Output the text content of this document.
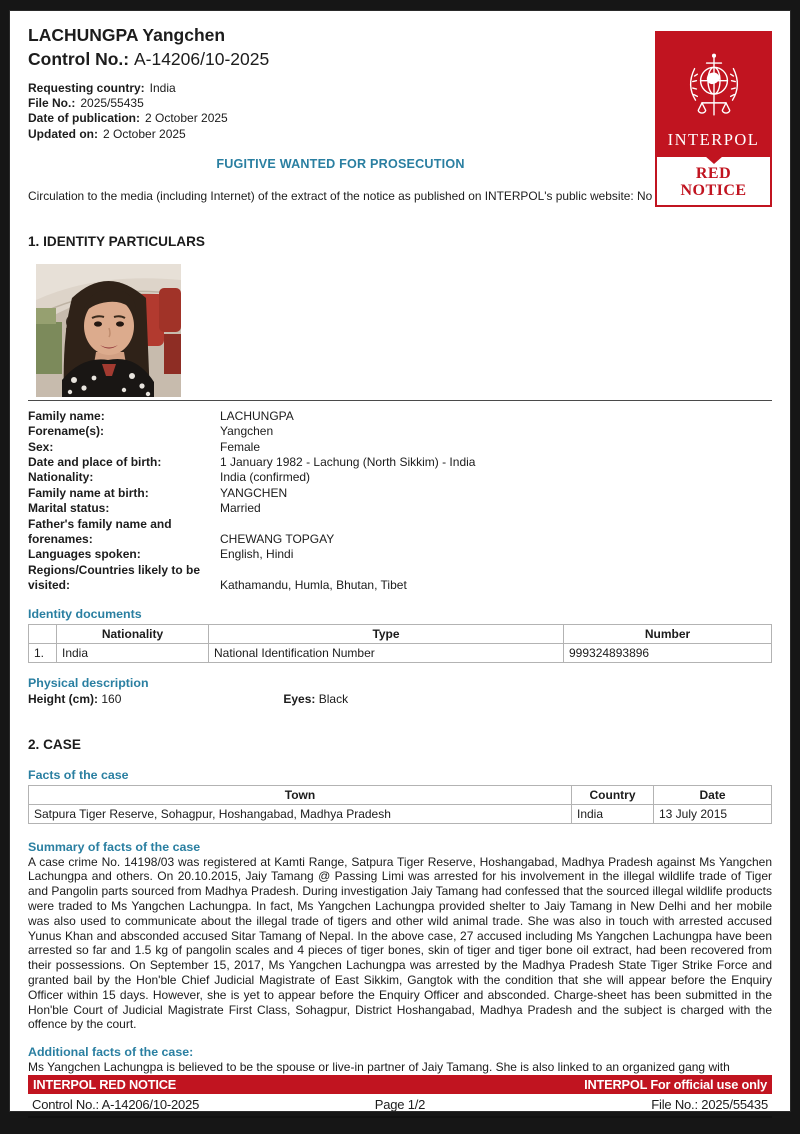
LACHUNGPA Yangchen
Control No.: A-14206/10-2025
Requesting country: India
File No.: 2025/55435
Date of publication: 2 October 2025
Updated on: 2 October 2025	INTERPOL
RED
NOTICE
FUGITIVE WANTED FOR PROSECUTION
Circulation to the media (including Internet) of the extract of the notice as published on INTERPOL's public website: No
1. IDENTITY PARTICULARS
Family name:	LACHUNGPA
Forename(s):	Yangchen
Sex:	Female
Date and place of birth:	1 January 1982 - Lachung (North Sikkim) - India
Nationality:	India (confirmed)
Family name at birth:	YANGCHEN
Marital status:	Married
Father's family name and forenames:	CHEWANG TOPGAY
Languages spoken:	English, Hindi
Regions/Countries likely to be visited:	Kathamandu, Humla, Bhutan, Tibet
Identity documents
	Nationality	Type	Number
1.	India	National Identification Number	999324893896
Physical description
Height (cm): 160	Eyes: Black
2. CASE
Facts of the case
Town	Country	Date
Satpura Tiger Reserve, Sohagpur, Hoshangabad, Madhya Pradesh	India	13 July 2015
Summary of facts of the case

A case crime No. 14198/03 was registered at Kamti Range, Satpura Tiger Reserve, Hoshangabad, Madhya Pradesh against Ms Yangchen Lachungpa and others. On 20.10.2015, Jaiy Tamang @ Passing Limi was arrested for his involvement in the illegal wildlife trade of Tiger and Pangolin parts sourced from Madhya Pradesh. During investigation Jaiy Tamang had confessed that the sourced illegal wildlife products were traded to Ms Yangchen Lachungpa. In fact, Ms Yangchen Lachungpa provided shelter to Jaiy Tamang in New Delhi and her mobile was also used to communicate about the illegal trade of tigers and other wild animal trade. She was also in touch with arrested accused Yunus Khan and absconded accused Sitar Tamang of Nepal. In the above case, 27 accused including Ms Yangchen Lachungpa have been arrested so far and 1.5 kg of pangolin scales and 4 pieces of tiger bones, skin of tiger and tiger bone oil extract, had been recovered from their possessions. On September 15, 2017, Ms Yangchen Lachungpa was arrested by the Madhya Pradesh State Tiger Strike Force and granted bail by the Hon'ble Chief Judicial Magistrate of East Sikkim, Gangtok with the condition that she will appear before the Enquiry Officer within 15 days. However, she is yet to appear before the Enquiry Officer and absconded. Charge-sheet has been submitted in the Hon'ble Court of Judicial Magistrate First Class, Sohagpur, District Hoshangabad, Madhya Pradesh and the subject is charged with the offence by the court.

Additional facts of the case:

Ms Yangchen Lachungpa is believed to be the spouse or live-in partner of Jaiy Tamang. She is also linked to an organized gang with

INTERPOL RED NOTICE	INTERPOL For official use only
Control No.: A-14206/10-2025	Page 1/2	File No.: 2025/55435
